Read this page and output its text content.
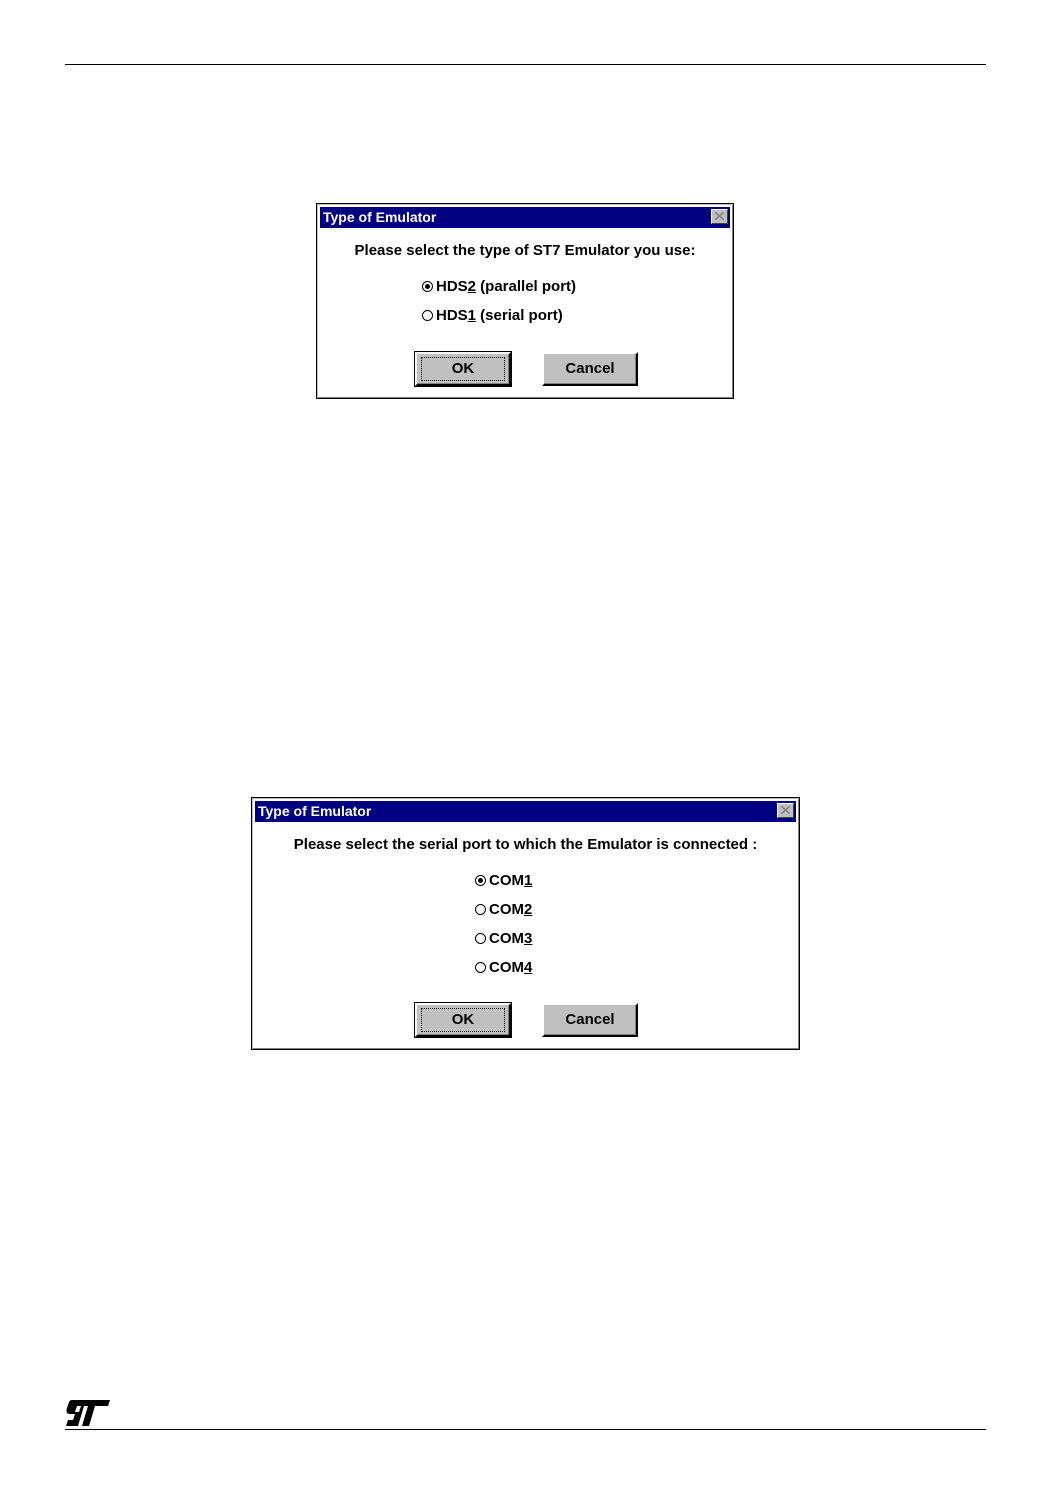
Type of Emulator
Please select the type of ST7 Emulator you use:
HDS 2 (parallel port)
HDS 1 (serial port)
OK	Cancel
Type of Emulator
Please select the serial port to which the Emulator is connected :
COM 1
COM 2
COM 3
COM 4
OK	Cancel
